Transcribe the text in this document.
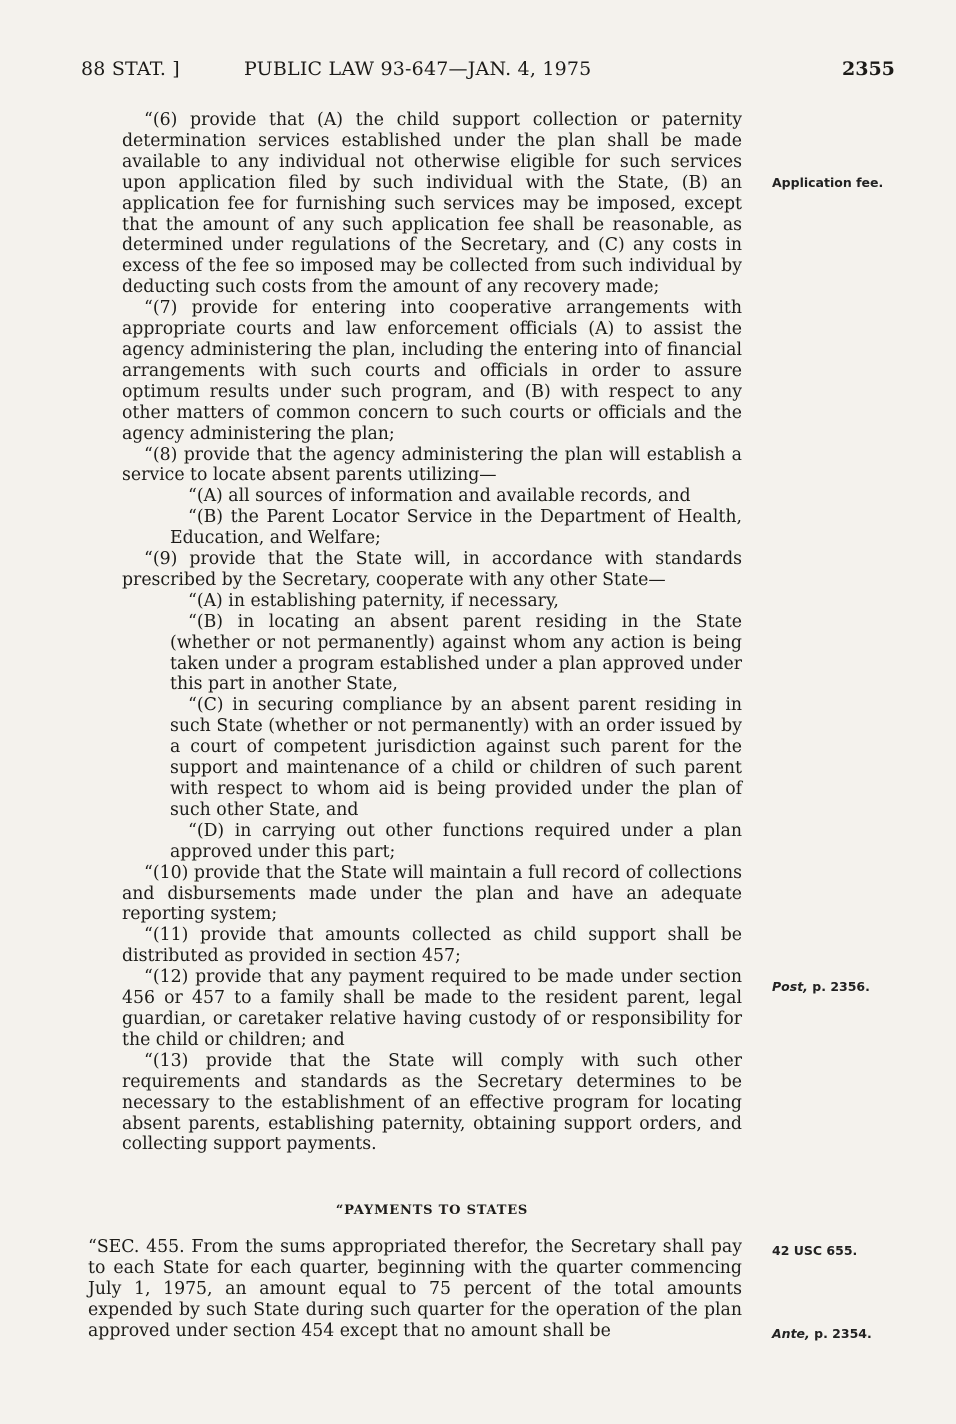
88 STAT. ]	PUBLIC LAW 93-647—JAN. 4, 1975	2355

“(6) provide that (A) the child support collection or paternity determination services established under the plan shall be made available to any individual not otherwise eligible for such services upon application filed by such individual with the State, (B) an application fee for furnishing such services may be imposed, except that the amount of any such application fee shall be reasonable, as determined under regulations of the Secretary, and (C) any costs in excess of the fee so imposed may be collected from such individual by deducting such costs from the amount of any recovery made;

“(7) provide for entering into cooperative arrangements with appropriate courts and law enforcement officials (A) to assist the agency administering the plan, including the entering into of financial arrangements with such courts and officials in order to assure optimum results under such program, and (B) with respect to any other matters of common concern to such courts or officials and the agency administering the plan;

“(8) provide that the agency administering the plan will establish a service to locate absent parents utilizing—

“(A) all sources of information and available records, and

“(B) the Parent Locator Service in the Department of Health, Education, and Welfare;

“(9) provide that the State will, in accordance with standards prescribed by the Secretary, cooperate with any other State—

“(A) in establishing paternity, if necessary,

“(B) in locating an absent parent residing in the State (whether or not permanently) against whom any action is being taken under a program established under a plan approved under this part in another State,

“(C) in securing compliance by an absent parent residing in such State (whether or not permanently) with an order issued by a court of competent jurisdiction against such parent for the support and maintenance of a child or children of such parent with respect to whom aid is being provided under the plan of such other State, and

“(D) in carrying out other functions required under a plan approved under this part;

“(10) provide that the State will maintain a full record of collections and disbursements made under the plan and have an adequate reporting system;

“(11) provide that amounts collected as child support shall be distributed as provided in section 457;

“(12) provide that any payment required to be made under section 456 or 457 to a family shall be made to the resident parent, legal guardian, or caretaker relative having custody of or responsibility for the child or children; and

“(13) provide that the State will comply with such other requirements and standards as the Secretary determines to be necessary to the establishment of an effective program for locating absent parents, establishing paternity, obtaining support orders, and collecting support payments.

“PAYMENTS TO STATES

“SEC. 455. From the sums appropriated therefor, the Secretary shall pay to each State for each quarter, beginning with the quarter commencing July 1, 1975, an amount equal to 75 percent of the total amounts expended by such State during such quarter for the operation of the plan approved under section 454 except that no amount shall be

Application fee.
Post, p. 2356.
42 USC 655.
Ante, p. 2354.
